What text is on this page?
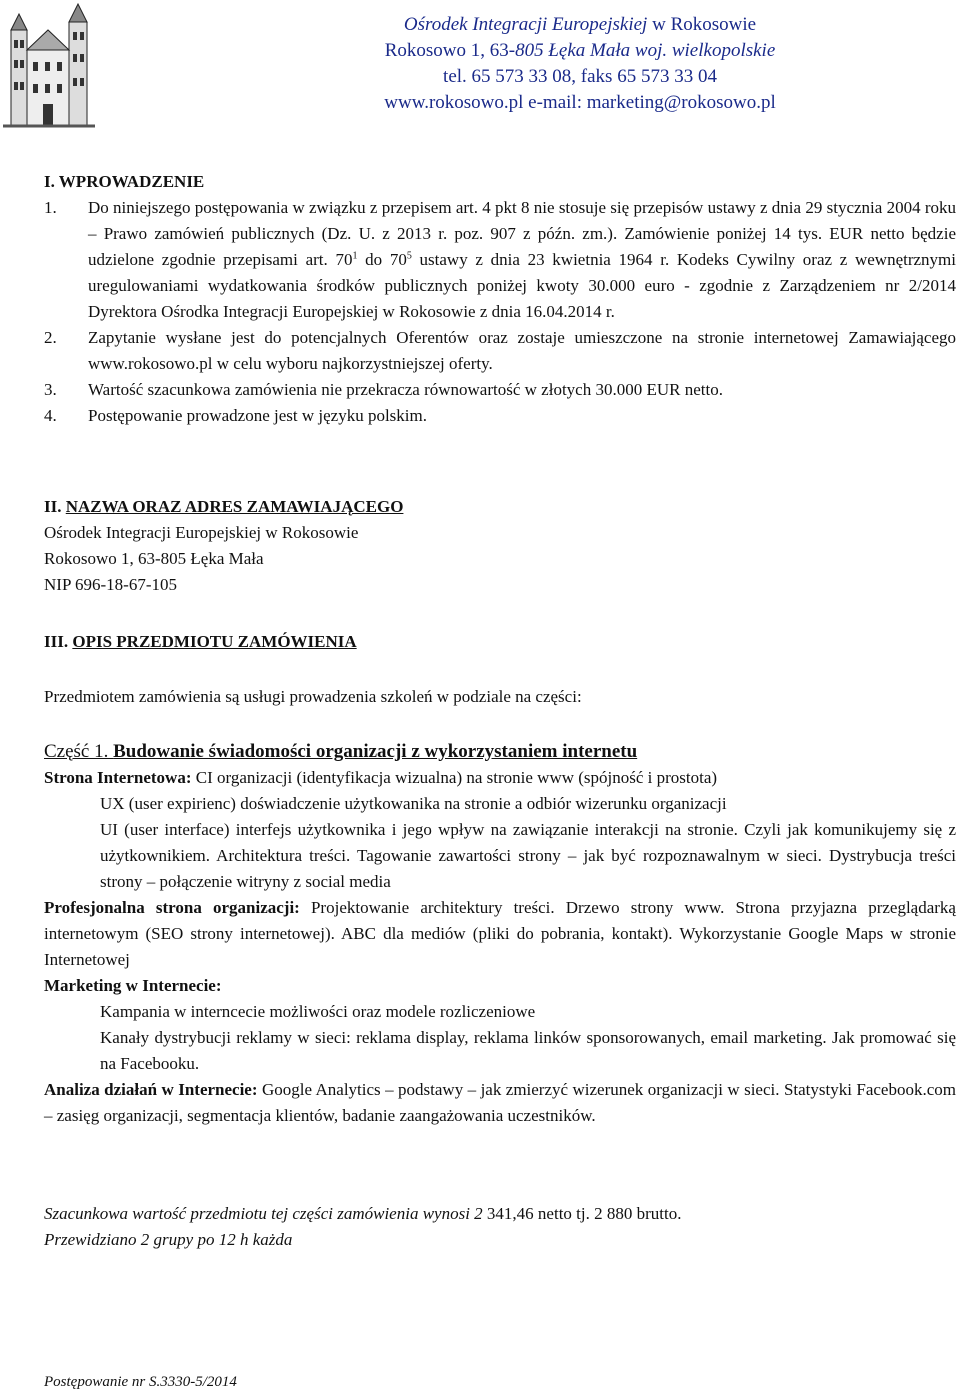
Ośrodek Integracji Europejskiej w Rokosowie
Rokosowo 1, 63-805 Łęka Mała woj. wielkopolskie
tel. 65 573 33 08, faks 65 573 33 04
www.rokosowo.pl e-mail: marketing@rokosowo.pl

I. WPROWADZENIE

1.	Do niniejszego postępowania w związku z przepisem art. 4 pkt 8 nie stosuje się przepisów ustawy z dnia 29 stycznia 2004 roku – Prawo zamówień publicznych (Dz. U. z 2013 r. poz. 907 z późn. zm.). Zamówienie poniżej 14 tys. EUR netto będzie udzielone zgodnie przepisami art. $70^1$ do $70^5$ ustawy z dnia 23 kwietnia 1964 r. Kodeks Cywilny oraz z wewnętrznymi uregulowaniami wydatkowania środków publicznych poniżej kwoty 30.000 euro - zgodnie z Zarządzeniem nr 2/2014 Dyrektora Ośrodka Integracji Europejskiej w Rokosowie z dnia 16.04.2014 r.
2.	Zapytanie wysłane jest do potencjalnych Oferentów oraz zostaje umieszczone na stronie internetowej Zamawiającego www.rokosowo.pl w celu wyboru najkorzystniejszej oferty.
3.	Wartość szacunkowa zamówienia nie przekracza równowartość w złotych 30.000 EUR netto.
4.	Postępowanie prowadzone jest w języku polskim.

II. NAZWA ORAZ ADRES ZAMAWIAJĄCEGO

Ośrodek Integracji Europejskiej w Rokosowie

Rokosowo 1, 63-805 Łęka Mała

NIP 696-18-67-105

III. OPIS PRZEDMIOTU ZAMÓWIENIA

Przedmiotem zamówienia są usługi prowadzenia szkoleń w podziale na części:

Część 1. Budowanie świadomości organizacji z wykorzystaniem internetu

Strona Internetowa: CI organizacji (identyfikacja wizualna) na stronie www (spójność i prostota)

UX (user expirienc) doświadczenie użytkowanika na stronie a odbiór wizerunku organizacji

UI (user interface) interfejs użytkownika i jego wpływ na zawiązanie interakcji na stronie. Czyli jak komunikujemy się z użytkownikiem. Architektura treści. Tagowanie zawartości strony – jak być rozpoznawalnym w sieci. Dystrybucja treści strony – połączenie witryny z social media

Profesjonalna strona organizacji: Projektowanie architektury treści. Drzewo strony www. Strona przyjazna przeglądarką internetowym (SEO strony internetowej). ABC dla mediów (pliki do pobrania, kontakt). Wykorzystanie Google Maps w stronie Internetowej

Marketing w Internecie:

Kampania w interncecie możliwości oraz modele rozliczeniowe

Kanały dystrybucji reklamy w sieci: reklama display, reklama linków sponsorowanych, email marketing. Jak promować się na Facebooku.

Analiza działań w Internecie: Google Analytics – podstawy – jak zmierzyć wizerunek organizacji w sieci. Statystyki Facebook.com – zasięg organizacji, segmentacja klientów, badanie zaangażowania uczestników.

Szacunkowa wartość przedmiotu tej części zamówienia wynosi 2 341,46 netto tj. 2 880 brutto.

Przewidziano 2 grupy po 12 h każda

Postępowanie nr S.3330-5/2014
